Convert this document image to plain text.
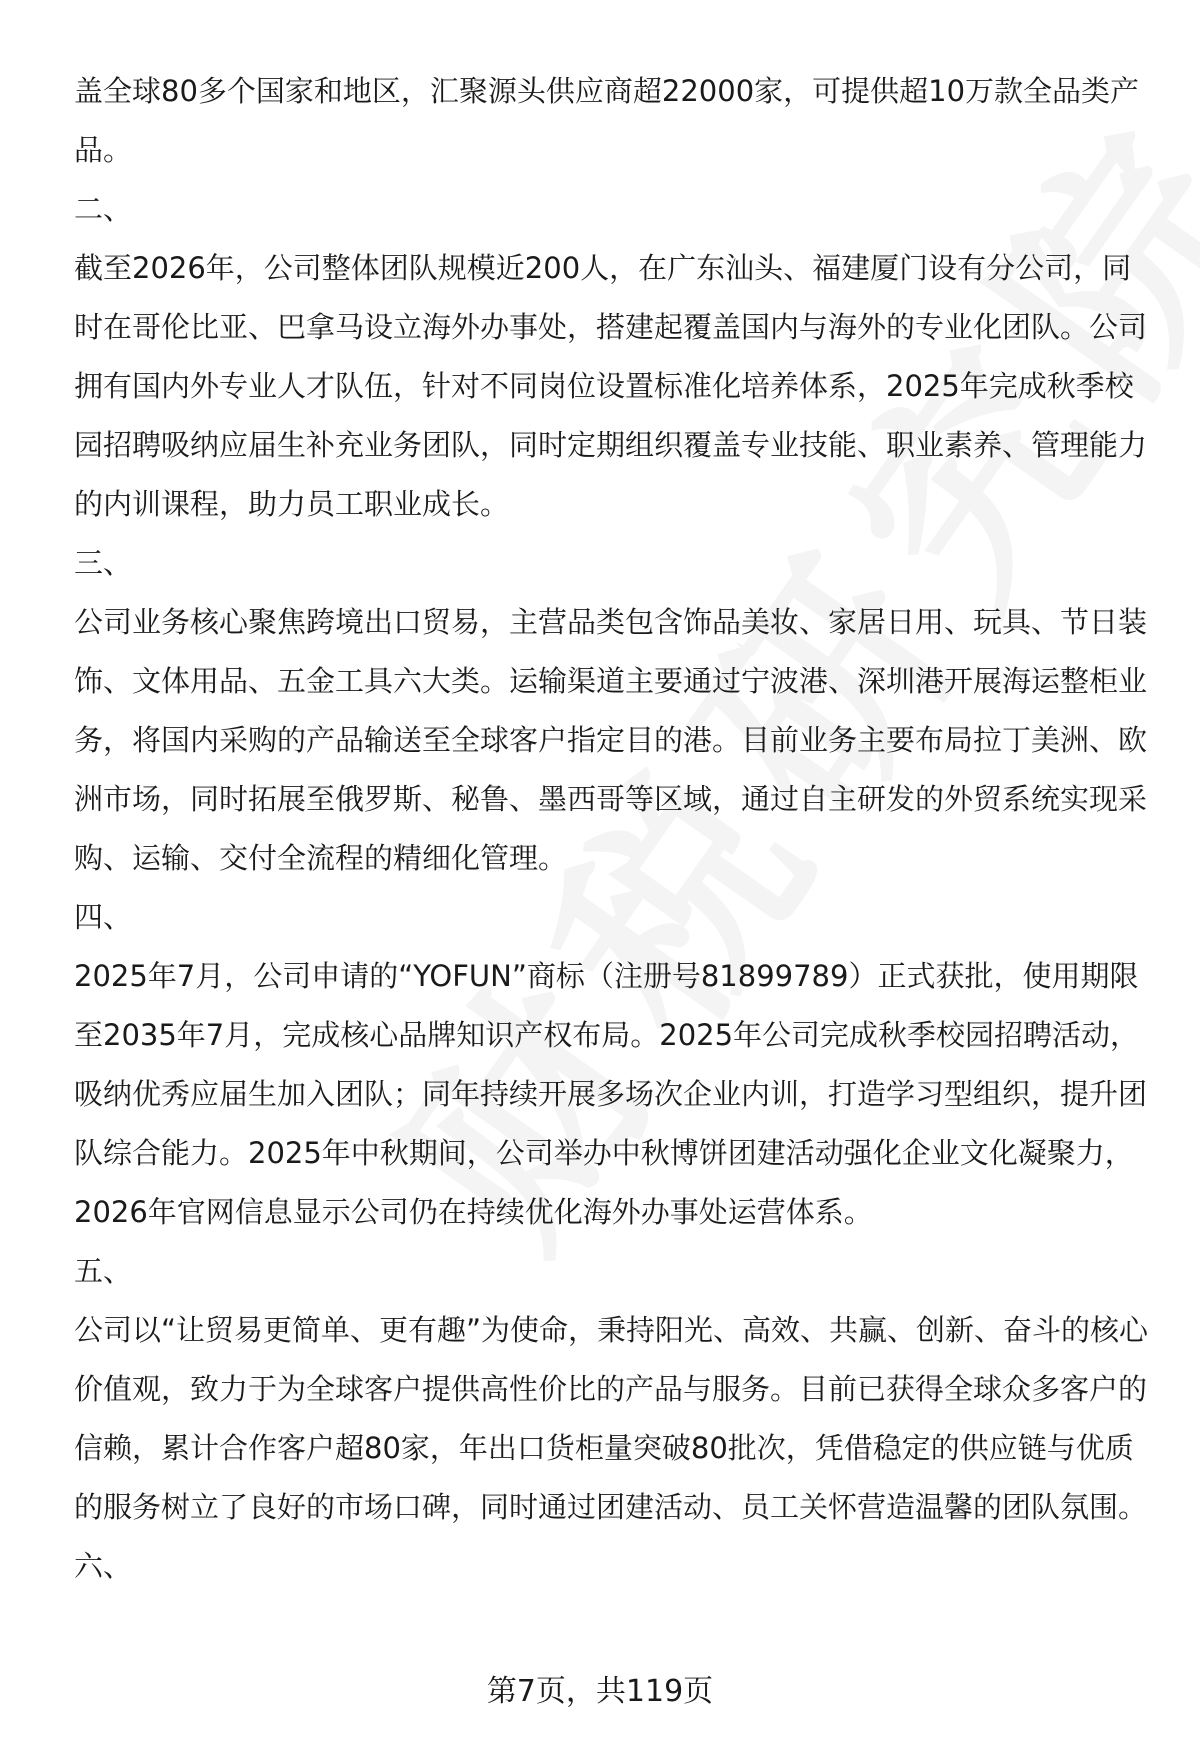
盖全球80多个国家和地区，汇聚源头供应商超22000家，可提供超10万款全品类产品。

二、

截至2026年，公司整体团队规模近200人，在广东汕头、福建厦门设有分公司，同时在哥伦比亚、巴拿马设立海外办事处，搭建起覆盖国内与海外的专业化团队。公司拥有国内外专业人才队伍，针对不同岗位设置标准化培养体系，2025年完成秋季校园招聘吸纳应届生补充业务团队，同时定期组织覆盖专业技能、职业素养、管理能力的内训课程，助力员工职业成长。

三、

公司业务核心聚焦跨境出口贸易，主营品类包含饰品美妆、家居日用、玩具、节日装饰、文体用品、五金工具六大类。运输渠道主要通过宁波港、深圳港开展海运整柜业务，将国内采购的产品输送至全球客户指定目的港。目前业务主要布局拉丁美洲、欧洲市场，同时拓展至俄罗斯、秘鲁、墨西哥等区域，通过自主研发的外贸系统实现采购、运输、交付全流程的精细化管理。

四、

2025年7月，公司申请的“YOFUN”商标（注册号81899789）正式获批，使用期限至2035年7月，完成核心品牌知识产权布局。2025年公司完成秋季校园招聘活动，吸纳优秀应届生加入团队；同年持续开展多场次企业内训，打造学习型组织，提升团队综合能力。2025年中秋期间，公司举办中秋博饼团建活动强化企业文化凝聚力，2026年官网信息显示公司仍在持续优化海外办事处运营体系。

五、

公司以“让贸易更简单、更有趣”为使命，秉持阳光、高效、共赢、创新、奋斗的核心价值观，致力于为全球客户提供高性价比的产品与服务。目前已获得全球众多客户的信赖，累计合作客户超80家，年出口货柜量突破80批次，凭借稳定的供应链与优质的服务树立了良好的市场口碑，同时通过团建活动、员工关怀营造温馨的团队氛围。

六、

第7页，共119页
